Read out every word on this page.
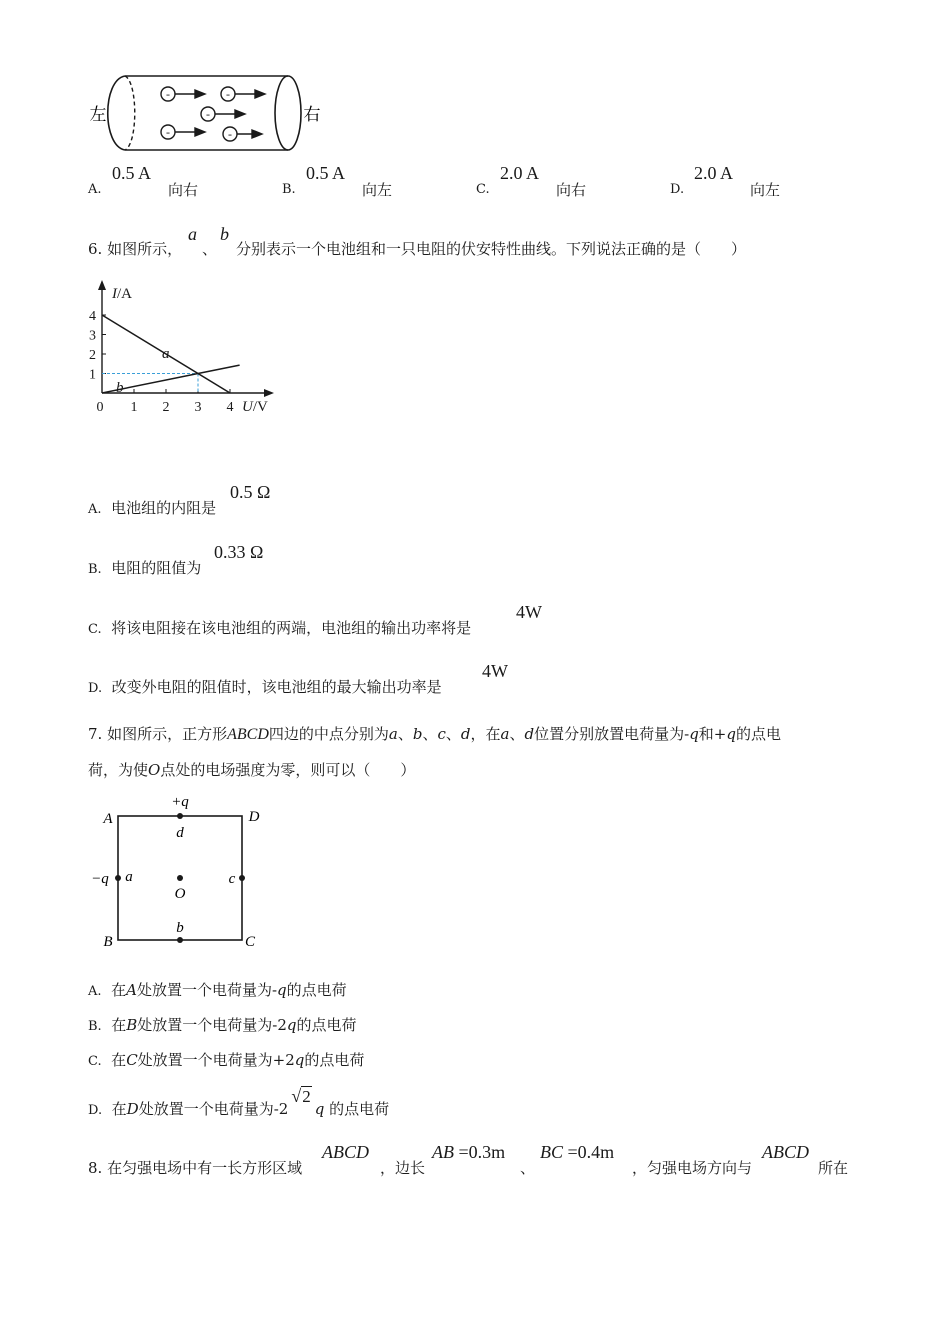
-	-
-
-	-
左	右
A.
0.5 A
向右	B.
0.5 A
向左	C.
2.0 A
向右	D.
2.0 A
向左
6. 如图所示，
a
、
b
分别表示一个电池组和一只电阻的伏安特性曲线。下列说法正确的是（　　）
1 2 3 4
1
2
3
4
0
I/A
U/V
a
b
A. 电池组的内阻是
0.5 Ω
B. 电阻的阻值为
0.33 Ω
C. 将该电阻接在该电池组的两端，电池组的输出功率将是
4W
D. 改变外电阻的阻值时，该电池组的最大输出功率是
4W
7. 如图所示，正方形ABCD四边的中点分别为a、b、c、d，在a、d位置分别放置电荷量为-q和+q的点电
荷，为使O点处的电场强度为零，则可以（　　）
A	D
B	C
+q
d
−q a	c
O
b
A. 在A处放置一个电荷量为-q的点电荷
B. 在B处放置一个电荷量为-2q的点电荷
C. 在C处放置一个电荷量为+2q的点电荷
D. 在D处放置一个电荷量为-2√2q 的点电荷
8. 在匀强电场中有一长方形区域
ABCD
，边长
AB =0.3m
、
BC =0.4m
，匀强电场方向与
ABCD
所在
